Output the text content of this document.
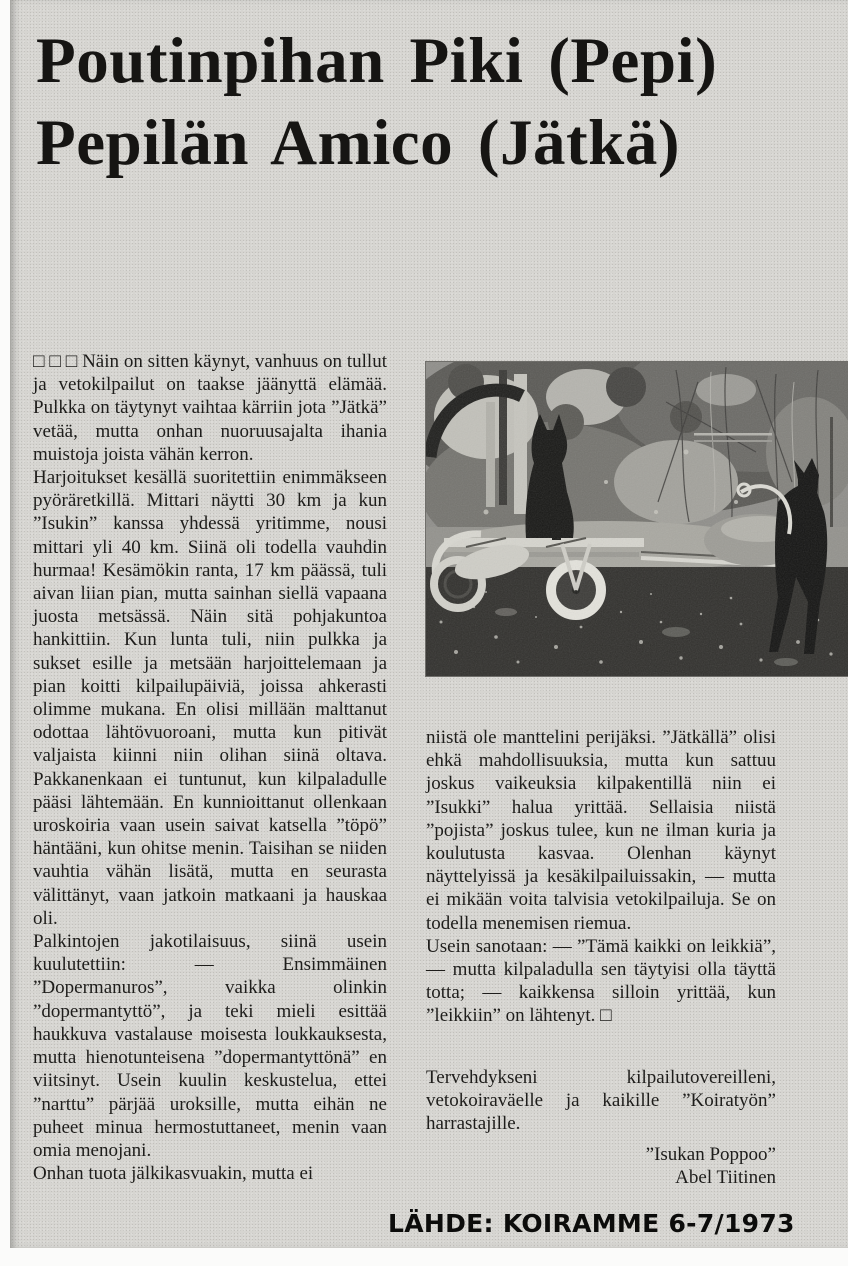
Poutinpihan Piki (Pepi)
Pepilän Amico (Jätkä)

□ □ □ Näin on sitten käynyt, vanhuus on tullut ja vetokilpailut on taakse jäänyttä elämää. Pulkka on täytynyt vaihtaa kärriin jota ”Jätkä” vetää, mutta onhan nuoruusajalta ihania muistoja joista vähän kerron.

Harjoitukset kesällä suoritettiin enimmäkseen pyöräretkillä. Mittari näytti 30 km ja kun ”Isukin” kanssa yhdessä yritimme, nousi mittari yli 40 km. Siinä oli todella vauhdin hurmaa! Kesämökin ranta, 17 km päässä, tuli aivan liian pian, mutta sainhan siellä vapaana juosta metsässä. Näin sitä pohjakuntoa hankittiin. Kun lunta tuli, niin pulkka ja sukset esille ja metsään harjoittelemaan ja pian koitti kilpailupäiviä, joissa ahkerasti olimme mukana. En olisi millään malttanut odottaa lähtövuoroani, mutta kun pitivät valjaista kiinni niin olihan siinä oltava. Pakkanenkaan ei tuntunut, kun kilpaladulle pääsi lähtemään. En kunnioittanut ollenkaan uroskoiria vaan usein saivat katsella ”töpö” häntääni, kun ohitse menin. Taisihan se niiden vauhtia vähän lisätä, mutta en seurasta välittänyt, vaan jatkoin matkaani ja hauskaa oli.

Palkintojen jakotilaisuus, siinä usein kuulutettiin: — Ensimmäinen ”Dopermanuros”, vaikka olinkin ”dopermantyttö”, ja teki mieli esittää haukkuva vastalause moisesta loukkauksesta, mutta hienotunteisena ”dopermantyttönä” en viitsinyt. Usein kuulin keskustelua, ettei ”narttu” pärjää uroksille, mutta eihän ne puheet minua hermostuttaneet, menin vaan omia menojani.

Onhan tuota jälkikasvuakin, mutta ei

niistä ole manttelini perijäksi. ”Jätkällä” olisi ehkä mahdollisuuksia, mutta kun sattuu joskus vaikeuksia kilpakentillä niin ei ”Isukki” halua yrittää. Sellaisia niistä ”pojista” joskus tulee, kun ne ilman kuria ja koulutusta kasvaa. Olenhan käynyt näyttelyissä ja kesäkilpailuissakin, — mutta ei mikään voita talvisia vetokilpailuja. Se on todella menemisen riemua.

Usein sanotaan: — ”Tämä kaikki on leikkiä”, — mutta kilpaladulla sen täytyisi olla täyttä totta; — kaikkensa silloin yrittää, kun ”leikkiin” on lähtenyt. □

Tervehdykseni kilpailutovereilleni, vetokoiraväelle ja kaikille ”Koiratyön” harrastajille.

”Isukan Poppoo”
Abel Tiitinen
LÄHDE: KOIRAMME 6-7/1973
